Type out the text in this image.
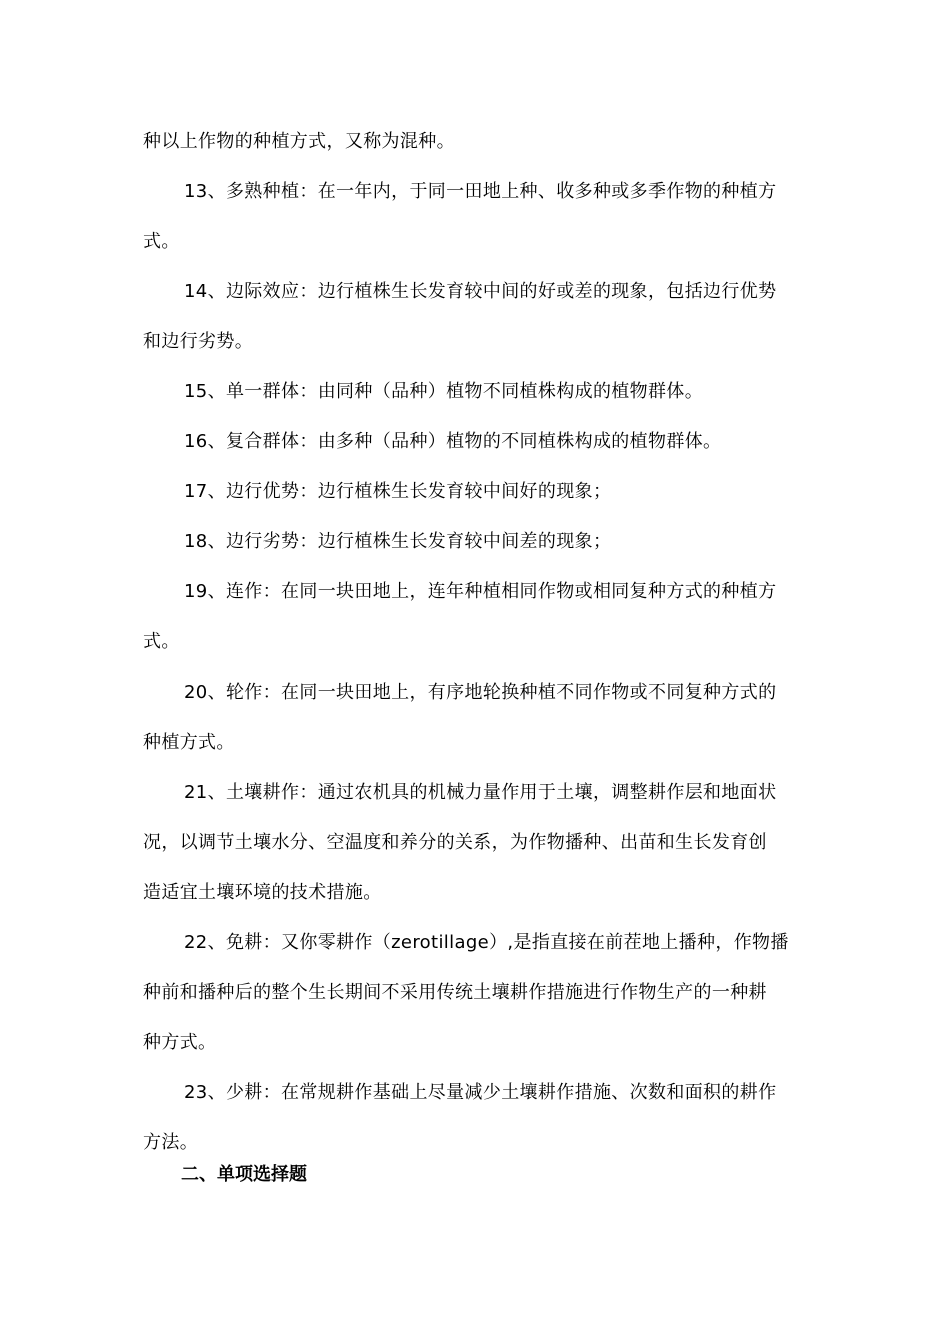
种以上作物的种植方式，又称为混种。
13、多熟种植：在一年内，于同一田地上种、收多种或多季作物的种植方
式。
14、边际效应：边行植株生长发育较中间的好或差的现象，包括边行优势
和边行劣势。
15、单一群体：由同种（品种）植物不同植株构成的植物群体。
16、复合群体：由多种（品种）植物的不同植株构成的植物群体。
17、边行优势：边行植株生长发育较中间好的现象；
18、边行劣势：边行植株生长发育较中间差的现象；
19、连作：在同一块田地上，连年种植相同作物或相同复种方式的种植方
式。
20、轮作：在同一块田地上，有序地轮换种植不同作物或不同复种方式的
种植方式。
21、土壤耕作：通过农机具的机械力量作用于土壤，调整耕作层和地面状
况，以调节土壤水分、空温度和养分的关系，为作物播种、出苗和生长发育创
造适宜土壤环境的技术措施。
22、免耕：又你零耕作（zerotillage）,是指直接在前茬地上播种，作物播
种前和播种后的整个生长期间不采用传统土壤耕作措施进行作物生产的一种耕
种方式。
23、少耕：在常规耕作基础上尽量减少土壤耕作措施、次数和面积的耕作
方法。
二、单项选择题
